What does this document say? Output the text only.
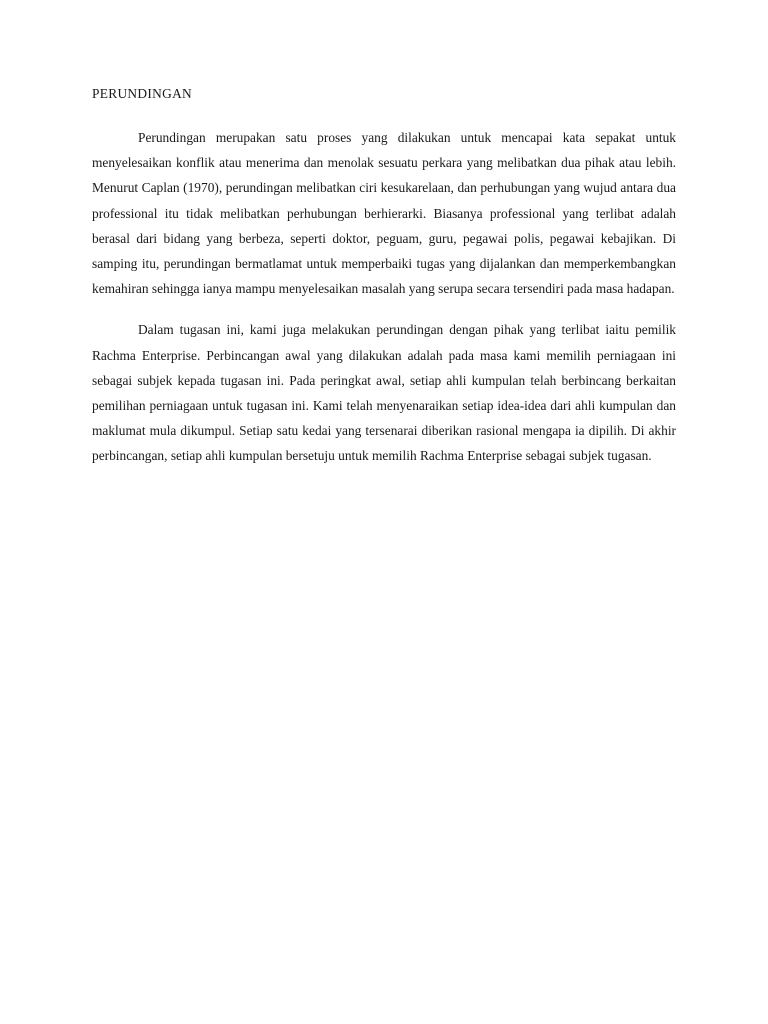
PERUNDINGAN

Perundingan merupakan satu proses yang dilakukan untuk mencapai kata sepakat untuk menyelesaikan konflik atau menerima dan menolak sesuatu perkara yang melibatkan dua pihak atau lebih. Menurut Caplan (1970), perundingan melibatkan ciri kesukarelaan, dan perhubungan yang wujud antara dua professional itu tidak melibatkan perhubungan berhierarki. Biasanya professional yang terlibat adalah berasal dari bidang yang berbeza, seperti doktor, peguam, guru, pegawai polis, pegawai kebajikan. Di samping itu, perundingan bermatlamat untuk memperbaiki tugas yang dijalankan dan memperkembangkan kemahiran sehingga ianya mampu menyelesaikan masalah yang serupa secara tersendiri pada masa hadapan.

Dalam tugasan ini, kami juga melakukan perundingan dengan pihak yang terlibat iaitu pemilik Rachma Enterprise. Perbincangan awal yang dilakukan adalah pada masa kami memilih perniagaan ini sebagai subjek kepada tugasan ini. Pada peringkat awal, setiap ahli kumpulan telah berbincang berkaitan pemilihan perniagaan untuk tugasan ini. Kami telah menyenaraikan setiap idea-idea dari ahli kumpulan dan maklumat mula dikumpul. Setiap satu kedai yang tersenarai diberikan rasional mengapa ia dipilih. Di akhir perbincangan, setiap ahli kumpulan bersetuju untuk memilih Rachma Enterprise sebagai subjek tugasan.
